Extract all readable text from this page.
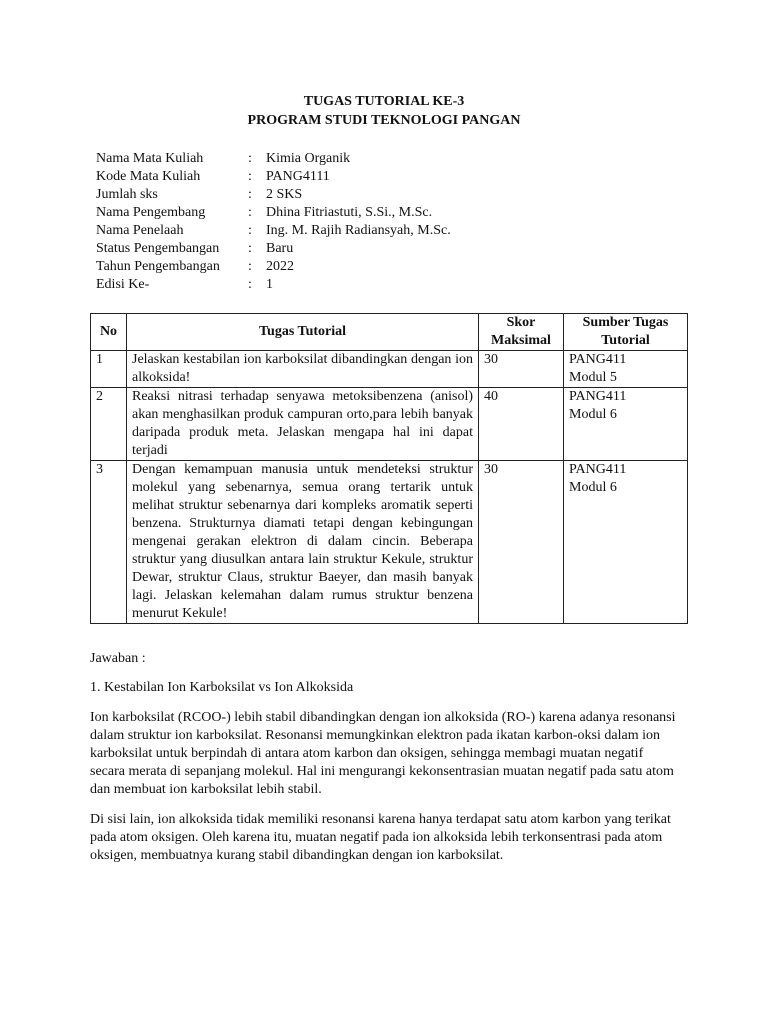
TUGAS TUTORIAL KE-3
PROGRAM STUDI TEKNOLOGI PANGAN
Nama Mata Kuliah	: Kimia Organik
Kode Mata Kuliah	: PANG4111
Jumlah sks	: 2 SKS
Nama Pengembang	: Dhina Fitriastuti, S.Si., M.Sc.
Nama Penelaah	: Ing. M. Rajih Radiansyah, M.Sc.
Status Pengembangan : Baru
Tahun Pengembangan : 2022
Edisi Ke-	: 1
No	Tugas Tutorial	Skor Maksimal	Sumber Tugas Tutorial
1	Jelaskan kestabilan ion karboksilat dibandingkan dengan ion alkoksida!	30	PANG411
Modul 5

2	Reaksi nitrasi terhadap senyawa metoksibenzena (anisol) akan menghasilkan produk campuran orto,para lebih banyak daripada produk meta. Jelaskan mengapa hal ini dapat terjadi	40	PANG411
Modul 6

3	Dengan kemampuan manusia untuk mendeteksi struktur molekul yang sebenarnya, semua orang tertarik untuk melihat struktur sebenarnya dari kompleks aromatik seperti benzena. Strukturnya diamati tetapi dengan kebingungan mengenai gerakan elektron di dalam cincin. Beberapa struktur yang diusulkan antara lain struktur Kekule, struktur Dewar, struktur Claus, struktur Baeyer, dan masih banyak lagi. Jelaskan kelemahan dalam rumus struktur benzena menurut Kekule!	30	PANG411
Modul 6
Jawaban :
1. Kestabilan Ion Karboksilat vs Ion Alkoksida
Ion karboksilat (RCOO-) lebih stabil dibandingkan dengan ion alkoksida (RO-) karena adanya resonansi dalam struktur ion karboksilat. Resonansi memungkinkan elektron pada ikatan karbon-oksi dalam ion karboksilat untuk berpindah di antara atom karbon dan oksigen, sehingga membagi muatan negatif secara merata di sepanjang molekul. Hal ini mengurangi kekonsentrasian muatan negatif pada satu atom dan membuat ion karboksilat lebih stabil.
Di sisi lain, ion alkoksida tidak memiliki resonansi karena hanya terdapat satu atom karbon yang terikat pada atom oksigen. Oleh karena itu, muatan negatif pada ion alkoksida lebih terkonsentrasi pada atom oksigen, membuatnya kurang stabil dibandingkan dengan ion karboksilat.
